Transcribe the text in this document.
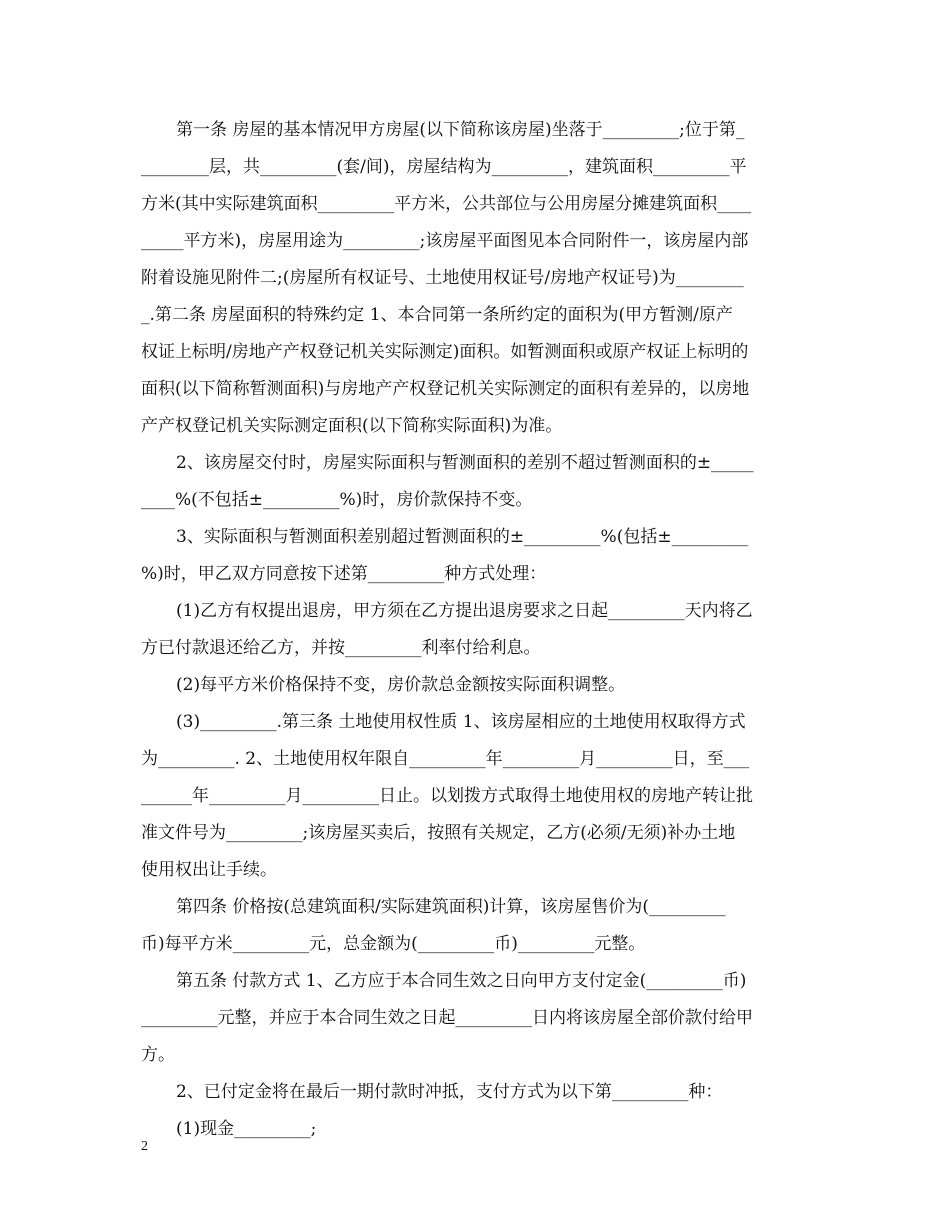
第一条 房屋的基本情况甲方房屋(以下简称该房屋)坐落于_________;位于第_
________层，共_________(套/间)，房屋结构为_________，建筑面积_________平
方米(其中实际建筑面积_________平方米，公共部位与公用房屋分摊建筑面积____
_____平方米)，房屋用途为_________;该房屋平面图见本合同附件一，该房屋内部
附着设施见附件二;(房屋所有权证号、土地使用权证号/房地产权证号)为________
_.第二条 房屋面积的特殊约定 1、本合同第一条所约定的面积为(甲方暂测/原产
权证上标明/房地产产权登记机关实际测定)面积。如暂测面积或原产权证上标明的
面积(以下简称暂测面积)与房地产产权登记机关实际测定的面积有差异的，以房地
产产权登记机关实际测定面积(以下简称实际面积)为准。
2、该房屋交付时，房屋实际面积与暂测面积的差别不超过暂测面积的±_____
____%(不包括±_________%)时，房价款保持不变。
3、实际面积与暂测面积差别超过暂测面积的±_________%(包括±_________
%)时，甲乙双方同意按下述第_________种方式处理：
(1)乙方有权提出退房，甲方须在乙方提出退房要求之日起_________天内将乙
方已付款退还给乙方，并按_________利率付给利息。
(2)每平方米价格保持不变，房价款总金额按实际面积调整。
(3)_________.第三条 土地使用权性质 1、该房屋相应的土地使用权取得方式
为_________. 2、土地使用权年限自_________年_________月_________日，至___
______年_________月_________日止。以划拨方式取得土地使用权的房地产转让批
准文件号为_________;该房屋买卖后，按照有关规定，乙方(必须/无须)补办土地
使用权出让手续。
第四条 价格按(总建筑面积/实际建筑面积)计算，该房屋售价为(_________
币)每平方米_________元，总金额为(_________币)_________元整。
第五条 付款方式 1、乙方应于本合同生效之日向甲方支付定金(_________币)
_________元整，并应于本合同生效之日起_________日内将该房屋全部价款付给甲
方。
2、已付定金将在最后一期付款时冲抵，支付方式为以下第_________种：
(1)现金_________;
2
